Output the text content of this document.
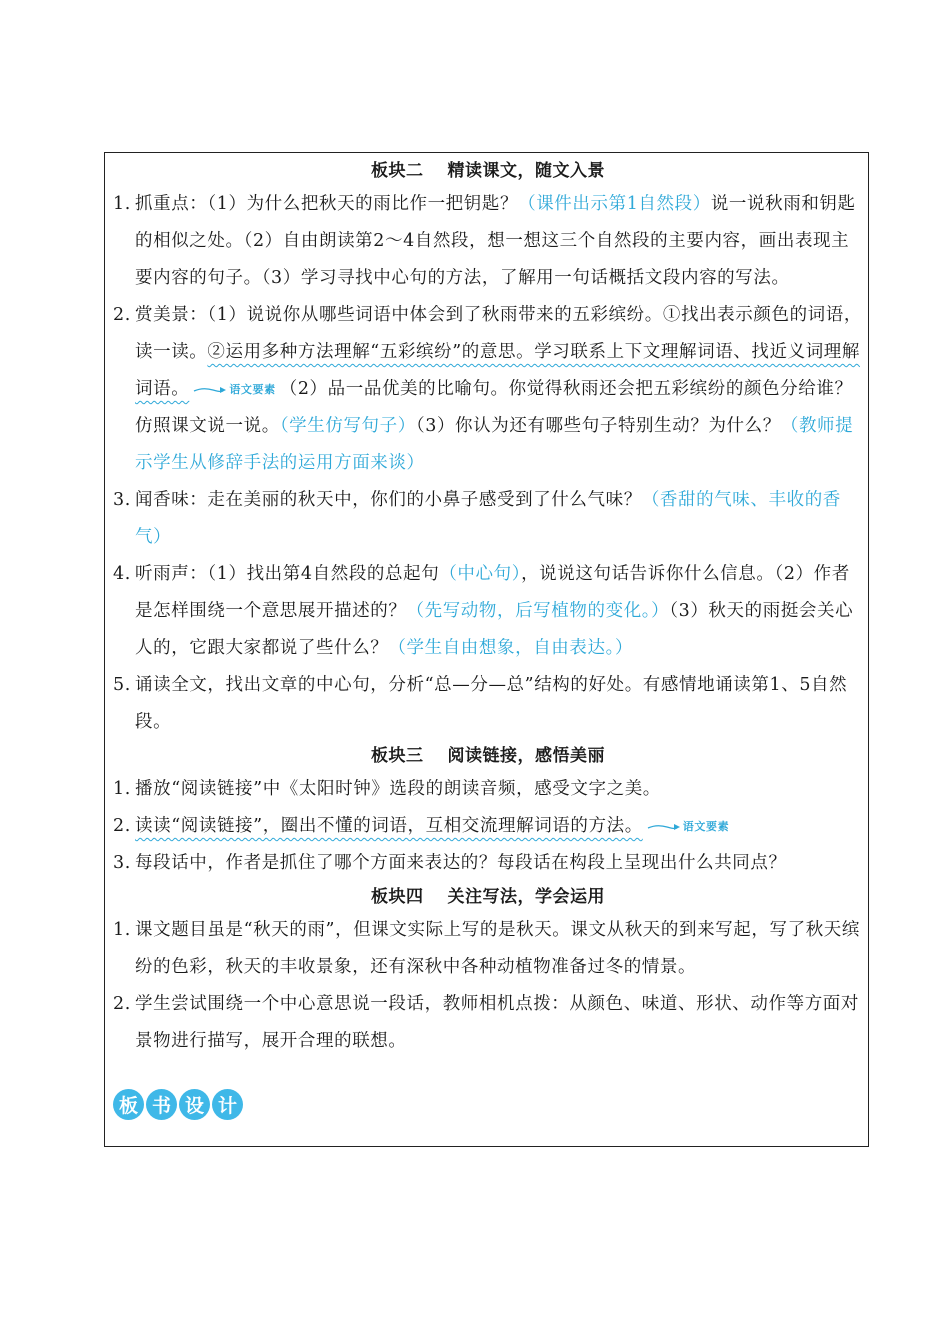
板块二 精读课文，随文入景
1. 抓重点：（1）为什么把秋天的雨比作一把钥匙？（课件出示第1自然段）说一说秋雨和钥匙的相似之处。（2）自由朗读第2～4自然段，想一想这三个自然段的主要内容，画出表现主要内容的句子。（3）学习寻找中心句的方法，了解用一句话概括文段内容的写法。
2. 赏美景：（1）说说你从哪些词语中体会到了秋雨带来的五彩缤纷。①找出表示颜色的词语，读一读。②运用多种方法理解“五彩缤纷”的意思。学习联系上下文理解词语、找近义词理解词语。	语文要素 （2）品一品优美的比喻句。你觉得秋雨还会把五彩缤纷的颜色分给谁？仿照课文说一说。（学生仿写句子）（3）你认为还有哪些句子特别生动？为什么？（教师提示学生从修辞手法的运用方面来谈）
3. 闻香味：走在美丽的秋天中，你们的小鼻子感受到了什么气味？（香甜的气味、丰收的香气）
4. 听雨声：（1）找出第4自然段的总起句（中心句），说说这句话告诉你什么信息。（2）作者是怎样围绕一个意思展开描述的？（先写动物，后写植物的变化。）（3）秋天的雨挺会关心人的，它跟大家都说了些什么？（学生自由想象，自由表达。）
5. 诵读全文，找出文章的中心句，分析“总—分—总”结构的好处。有感情地诵读第1、5自然段。
板块三 阅读链接，感悟美丽
1. 播放“阅读链接”中《太阳时钟》选段的朗读音频，感受文字之美。
2. 读读“阅读链接”，圈出不懂的词语，互相交流理解词语的方法。	语文要素
3. 每段话中，作者是抓住了哪个方面来表达的？每段话在构段上呈现出什么共同点？
板块四 关注写法，学会运用
1. 课文题目虽是“秋天的雨”，但课文实际上写的是秋天。课文从秋天的到来写起，写了秋天缤纷的色彩，秋天的丰收景象，还有深秋中各种动植物准备过冬的情景。
2. 学生尝试围绕一个中心意思说一段话，教师相机点拨：从颜色、味道、形状、动作等方面对景物进行描写，展开合理的联想。
板 书 设 计
